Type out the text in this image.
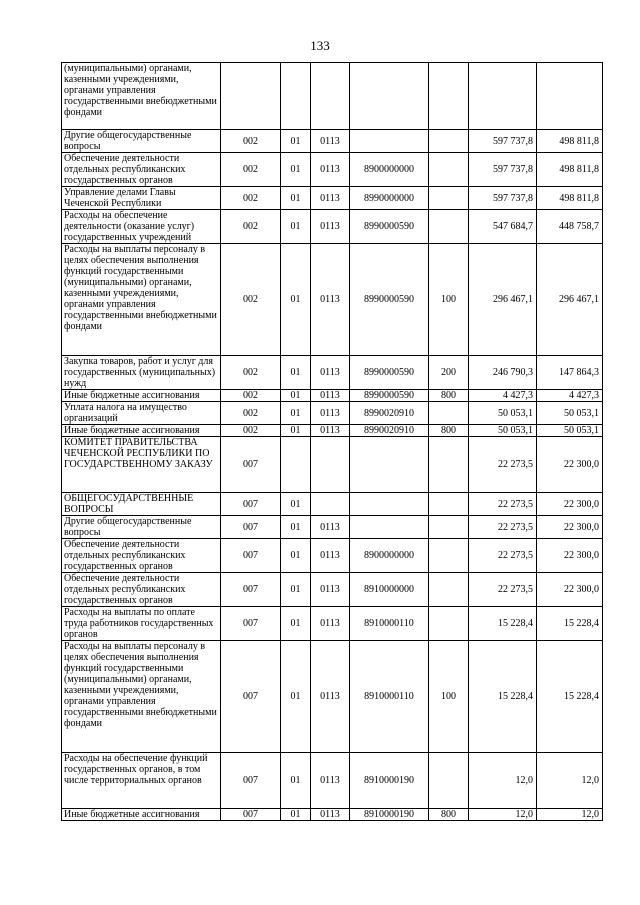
133
(муниципальными) органами, казенными учреждениями, органами управления государственными внебюджетными фондами							
Другие общегосударственные вопросы	002	01	0113			597 737,8	498 811,8
Обеспечение деятельности отдельных республиканских государственных органов	002	01	0113	8900000000		597 737,8	498 811,8
Управление делами Главы Чеченской Республики	002	01	0113	8990000000		597 737,8	498 811,8
Расходы на обеспечение деятельности (оказание услуг) государственных учреждений	002	01	0113	8990000590		547 684,7	448 758,7
Расходы на выплаты персоналу в целях обеспечения выполнения функций государственными (муниципальными) органами, казенными учреждениями, органами управления государственными внебюджетными фондами	002	01	0113	8990000590	100	296 467,1	296 467,1
Закупка товаров, работ и услуг для государственных (муниципальных) нужд	002	01	0113	8990000590	200	246 790,3	147 864,3
Иные бюджетные ассигнования	002	01	0113	8990000590	800	4 427,3	4 427,3
Уплата налога на имущество организаций	002	01	0113	8990020910		50 053,1	50 053,1
Иные бюджетные ассигнования	002	01	0113	8990020910	800	50 053,1	50 053,1
КОМИТЕТ ПРАВИТЕЛЬСТВА ЧЕЧЕНСКОЙ РЕСПУБЛИКИ ПО ГОСУДАРСТВЕННОМУ ЗАКАЗУ	007					22 273,5	22 300,0
ОБЩЕГОСУДАРСТВЕННЫЕ ВОПРОСЫ	007	01				22 273,5	22 300,0
Другие общегосударственные вопросы	007	01	0113			22 273,5	22 300,0
Обеспечение деятельности отдельных республиканских государственных органов	007	01	0113	8900000000		22 273,5	22 300,0
Обеспечение деятельности отдельных республиканских государственных органов	007	01	0113	8910000000		22 273,5	22 300,0
Расходы на выплаты по оплате труда работников государственных органов	007	01	0113	8910000110		15 228,4	15 228,4
Расходы на выплаты персоналу в целях обеспечения выполнения функций государственными (муниципальными) органами, казенными учреждениями, органами управления государственными внебюджетными фондами	007	01	0113	8910000110	100	15 228,4	15 228,4
Расходы на обеспечение функций государственных органов, в том числе территориальных органов	007	01	0113	8910000190		12,0	12,0
Иные бюджетные ассигнования	007	01	0113	8910000190	800	12,0	12,0
